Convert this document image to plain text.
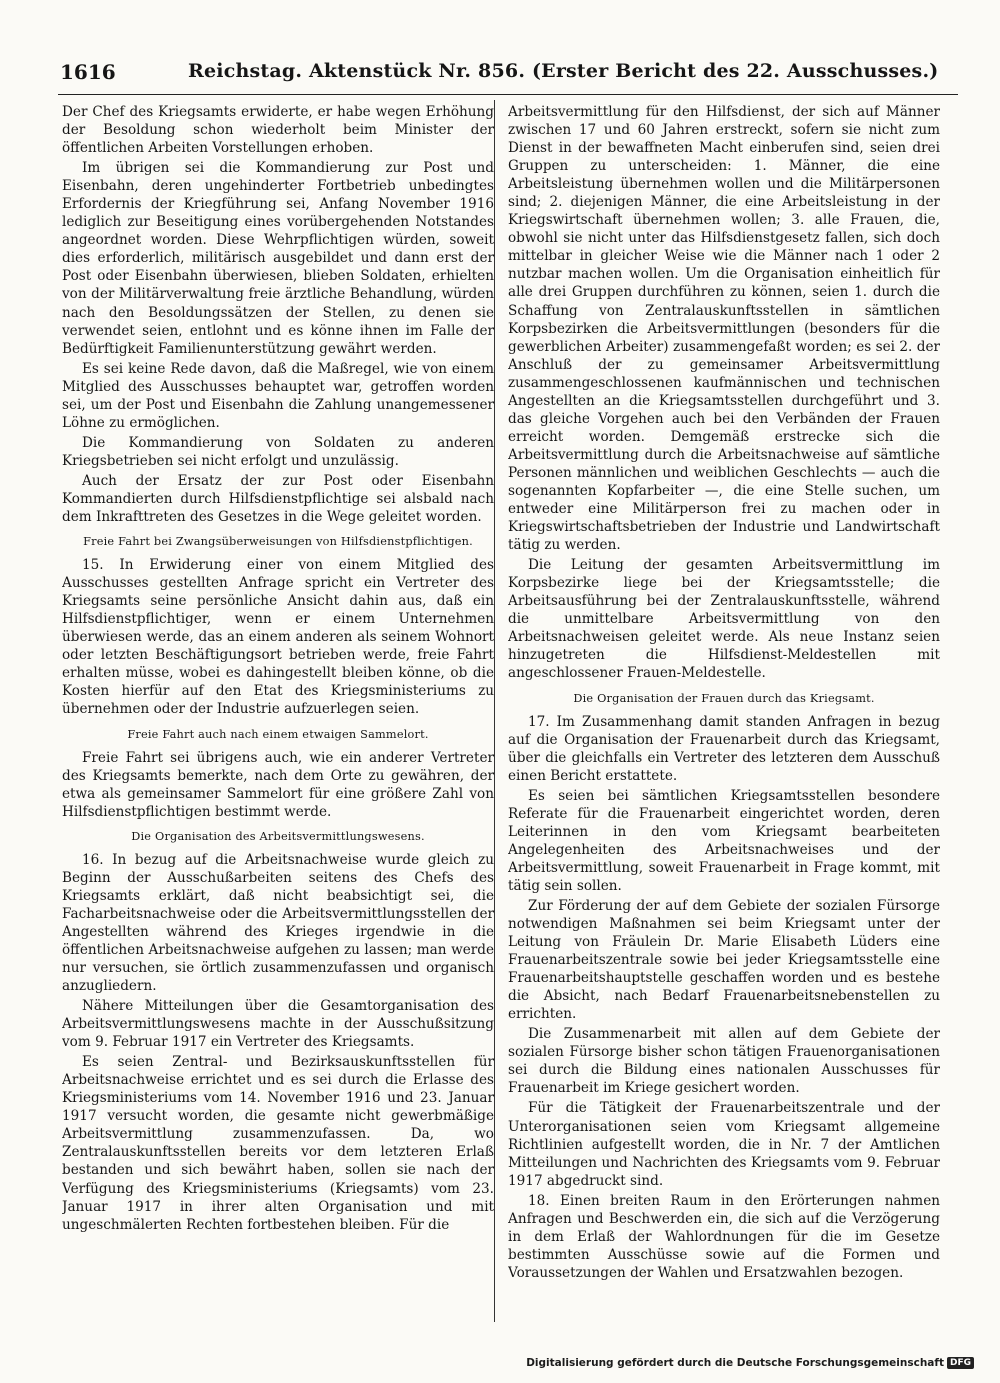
1616	Reichstag. Aktenstück Nr. 856. (Erster Bericht des 22. Ausschusses.)

Der Chef des Kriegsamts erwiderte, er habe wegen Erhöhung der Besoldung schon wiederholt beim Minister der öffentlichen Arbeiten Vorstellungen erhoben.

Im übrigen sei die Kommandierung zur Post und Eisenbahn, deren ungehinderter Fortbetrieb unbedingtes Erfordernis der Kriegführung sei, Anfang November 1916 lediglich zur Beseitigung eines vorübergehenden Notstandes angeordnet worden. Diese Wehrpflichtigen würden, soweit dies erforderlich, militärisch ausgebildet und dann erst der Post oder Eisenbahn überwiesen, blieben Soldaten, erhielten von der Militärverwaltung freie ärztliche Behandlung, würden nach den Besoldungssätzen der Stellen, zu denen sie verwendet seien, entlohnt und es könne ihnen im Falle der Bedürftigkeit Familienunterstützung gewährt werden.

Es sei keine Rede davon, daß die Maßregel, wie von einem Mitglied des Ausschusses behauptet war, getroffen worden sei, um der Post und Eisenbahn die Zahlung unangemessener Löhne zu ermöglichen.

Die Kommandierung von Soldaten zu anderen Kriegsbetrieben sei nicht erfolgt und unzulässig.

Auch der Ersatz der zur Post oder Eisenbahn Kommandierten durch Hilfsdienstpflichtige sei alsbald nach dem Inkrafttreten des Gesetzes in die Wege geleitet worden.

Freie Fahrt bei Zwangsüberweisungen von Hilfsdienstpflichtigen.

15. In Erwiderung einer von einem Mitglied des Ausschusses gestellten Anfrage spricht ein Vertreter des Kriegsamts seine persönliche Ansicht dahin aus, daß ein Hilfsdienstpflichtiger, wenn er einem Unternehmen überwiesen werde, das an einem anderen als seinem Wohnort oder letzten Beschäftigungsort betrieben werde, freie Fahrt erhalten müsse, wobei es dahingestellt bleiben könne, ob die Kosten hierfür auf den Etat des Kriegsministeriums zu übernehmen oder der Industrie aufzuerlegen seien.

Freie Fahrt auch nach einem etwaigen Sammelort.

Freie Fahrt sei übrigens auch, wie ein anderer Vertreter des Kriegsamts bemerkte, nach dem Orte zu gewähren, der etwa als gemeinsamer Sammelort für eine größere Zahl von Hilfsdienstpflichtigen bestimmt werde.

Die Organisation des Arbeitsvermittlungswesens.

16. In bezug auf die Arbeitsnachweise wurde gleich zu Beginn der Ausschußarbeiten seitens des Chefs des Kriegsamts erklärt, daß nicht beabsichtigt sei, die Facharbeitsnachweise oder die Arbeitsvermittlungsstellen der Angestellten während des Krieges irgendwie in die öffentlichen Arbeitsnachweise aufgehen zu lassen; man werde nur versuchen, sie örtlich zusammenzufassen und organisch anzugliedern.

Nähere Mitteilungen über die Gesamtorganisation des Arbeitsvermittlungswesens machte in der Ausschußsitzung vom 9. Februar 1917 ein Vertreter des Kriegsamts.

Es seien Zentral- und Bezirksauskunftsstellen für Arbeitsnachweise errichtet und es sei durch die Erlasse des Kriegsministeriums vom 14. November 1916 und 23. Januar 1917 versucht worden, die gesamte nicht gewerbmäßige Arbeitsvermittlung zusammenzufassen. Da, wo Zentralauskunftsstellen bereits vor dem letzteren Erlaß bestanden und sich bewährt haben, sollen sie nach der Verfügung des Kriegsministeriums (Kriegsamts) vom 23. Januar 1917 in ihrer alten Organisation und mit ungeschmälerten Rechten fortbestehen bleiben. Für die

Arbeitsvermittlung für den Hilfsdienst, der sich auf Männer zwischen 17 und 60 Jahren erstreckt, sofern sie nicht zum Dienst in der bewaffneten Macht einberufen sind, seien drei Gruppen zu unterscheiden: 1. Männer, die eine Arbeitsleistung übernehmen wollen und die Militärpersonen sind; 2. diejenigen Männer, die eine Arbeitsleistung in der Kriegswirtschaft übernehmen wollen; 3. alle Frauen, die, obwohl sie nicht unter das Hilfsdienstgesetz fallen, sich doch mittelbar in gleicher Weise wie die Männer nach 1 oder 2 nutzbar machen wollen. Um die Organisation einheitlich für alle drei Gruppen durchführen zu können, seien 1. durch die Schaffung von Zentralauskunftsstellen in sämtlichen Korpsbezirken die Arbeitsvermittlungen (besonders für die gewerblichen Arbeiter) zusammengefaßt worden; es sei 2. der Anschluß der zu gemeinsamer Arbeitsvermittlung zusammengeschlossenen kaufmännischen und technischen Angestellten an die Kriegsamtsstellen durchgeführt und 3. das gleiche Vorgehen auch bei den Verbänden der Frauen erreicht worden. Demgemäß erstrecke sich die Arbeitsvermittlung durch die Arbeitsnachweise auf sämtliche Personen männlichen und weiblichen Geschlechts — auch die sogenannten Kopfarbeiter —, die eine Stelle suchen, um entweder eine Militärperson frei zu machen oder in Kriegswirtschaftsbetrieben der Industrie und Landwirtschaft tätig zu werden.

Die Leitung der gesamten Arbeitsvermittlung im Korpsbezirke liege bei der Kriegsamtsstelle; die Arbeitsausführung bei der Zentralauskunftsstelle, während die unmittelbare Arbeitsvermittlung von den Arbeitsnachweisen geleitet werde. Als neue Instanz seien hinzugetreten die Hilfsdienst-Meldestellen mit angeschlossener Frauen-Meldestelle.

Die Organisation der Frauen durch das Kriegsamt.

17. Im Zusammenhang damit standen Anfragen in bezug auf die Organisation der Frauenarbeit durch das Kriegsamt, über die gleichfalls ein Vertreter des letzteren dem Ausschuß einen Bericht erstattete.

Es seien bei sämtlichen Kriegsamtsstellen besondere Referate für die Frauenarbeit eingerichtet worden, deren Leiterinnen in den vom Kriegsamt bearbeiteten Angelegenheiten des Arbeitsnachweises und der Arbeitsvermittlung, soweit Frauenarbeit in Frage kommt, mit tätig sein sollen.

Zur Förderung der auf dem Gebiete der sozialen Fürsorge notwendigen Maßnahmen sei beim Kriegsamt unter der Leitung von Fräulein Dr. Marie Elisabeth Lüders eine Frauenarbeitszentrale sowie bei jeder Kriegsamtsstelle eine Frauenarbeitshauptstelle geschaffen worden und es bestehe die Absicht, nach Bedarf Frauenarbeitsnebenstellen zu errichten.

Die Zusammenarbeit mit allen auf dem Gebiete der sozialen Fürsorge bisher schon tätigen Frauenorganisationen sei durch die Bildung eines nationalen Ausschusses für Frauenarbeit im Kriege gesichert worden.

Für die Tätigkeit der Frauenarbeitszentrale und der Unterorganisationen seien vom Kriegsamt allgemeine Richtlinien aufgestellt worden, die in Nr. 7 der Amtlichen Mitteilungen und Nachrichten des Kriegsamts vom 9. Februar 1917 abgedruckt sind.

18. Einen breiten Raum in den Erörterungen nahmen Anfragen und Beschwerden ein, die sich auf die Verzögerung in dem Erlaß der Wahlordnungen für die im Gesetze bestimmten Ausschüsse sowie auf die Formen und Voraussetzungen der Wahlen und Ersatzwahlen bezogen.

Digitalisierung gefördert durch die Deutsche Forschungsgemeinschaft DFG
